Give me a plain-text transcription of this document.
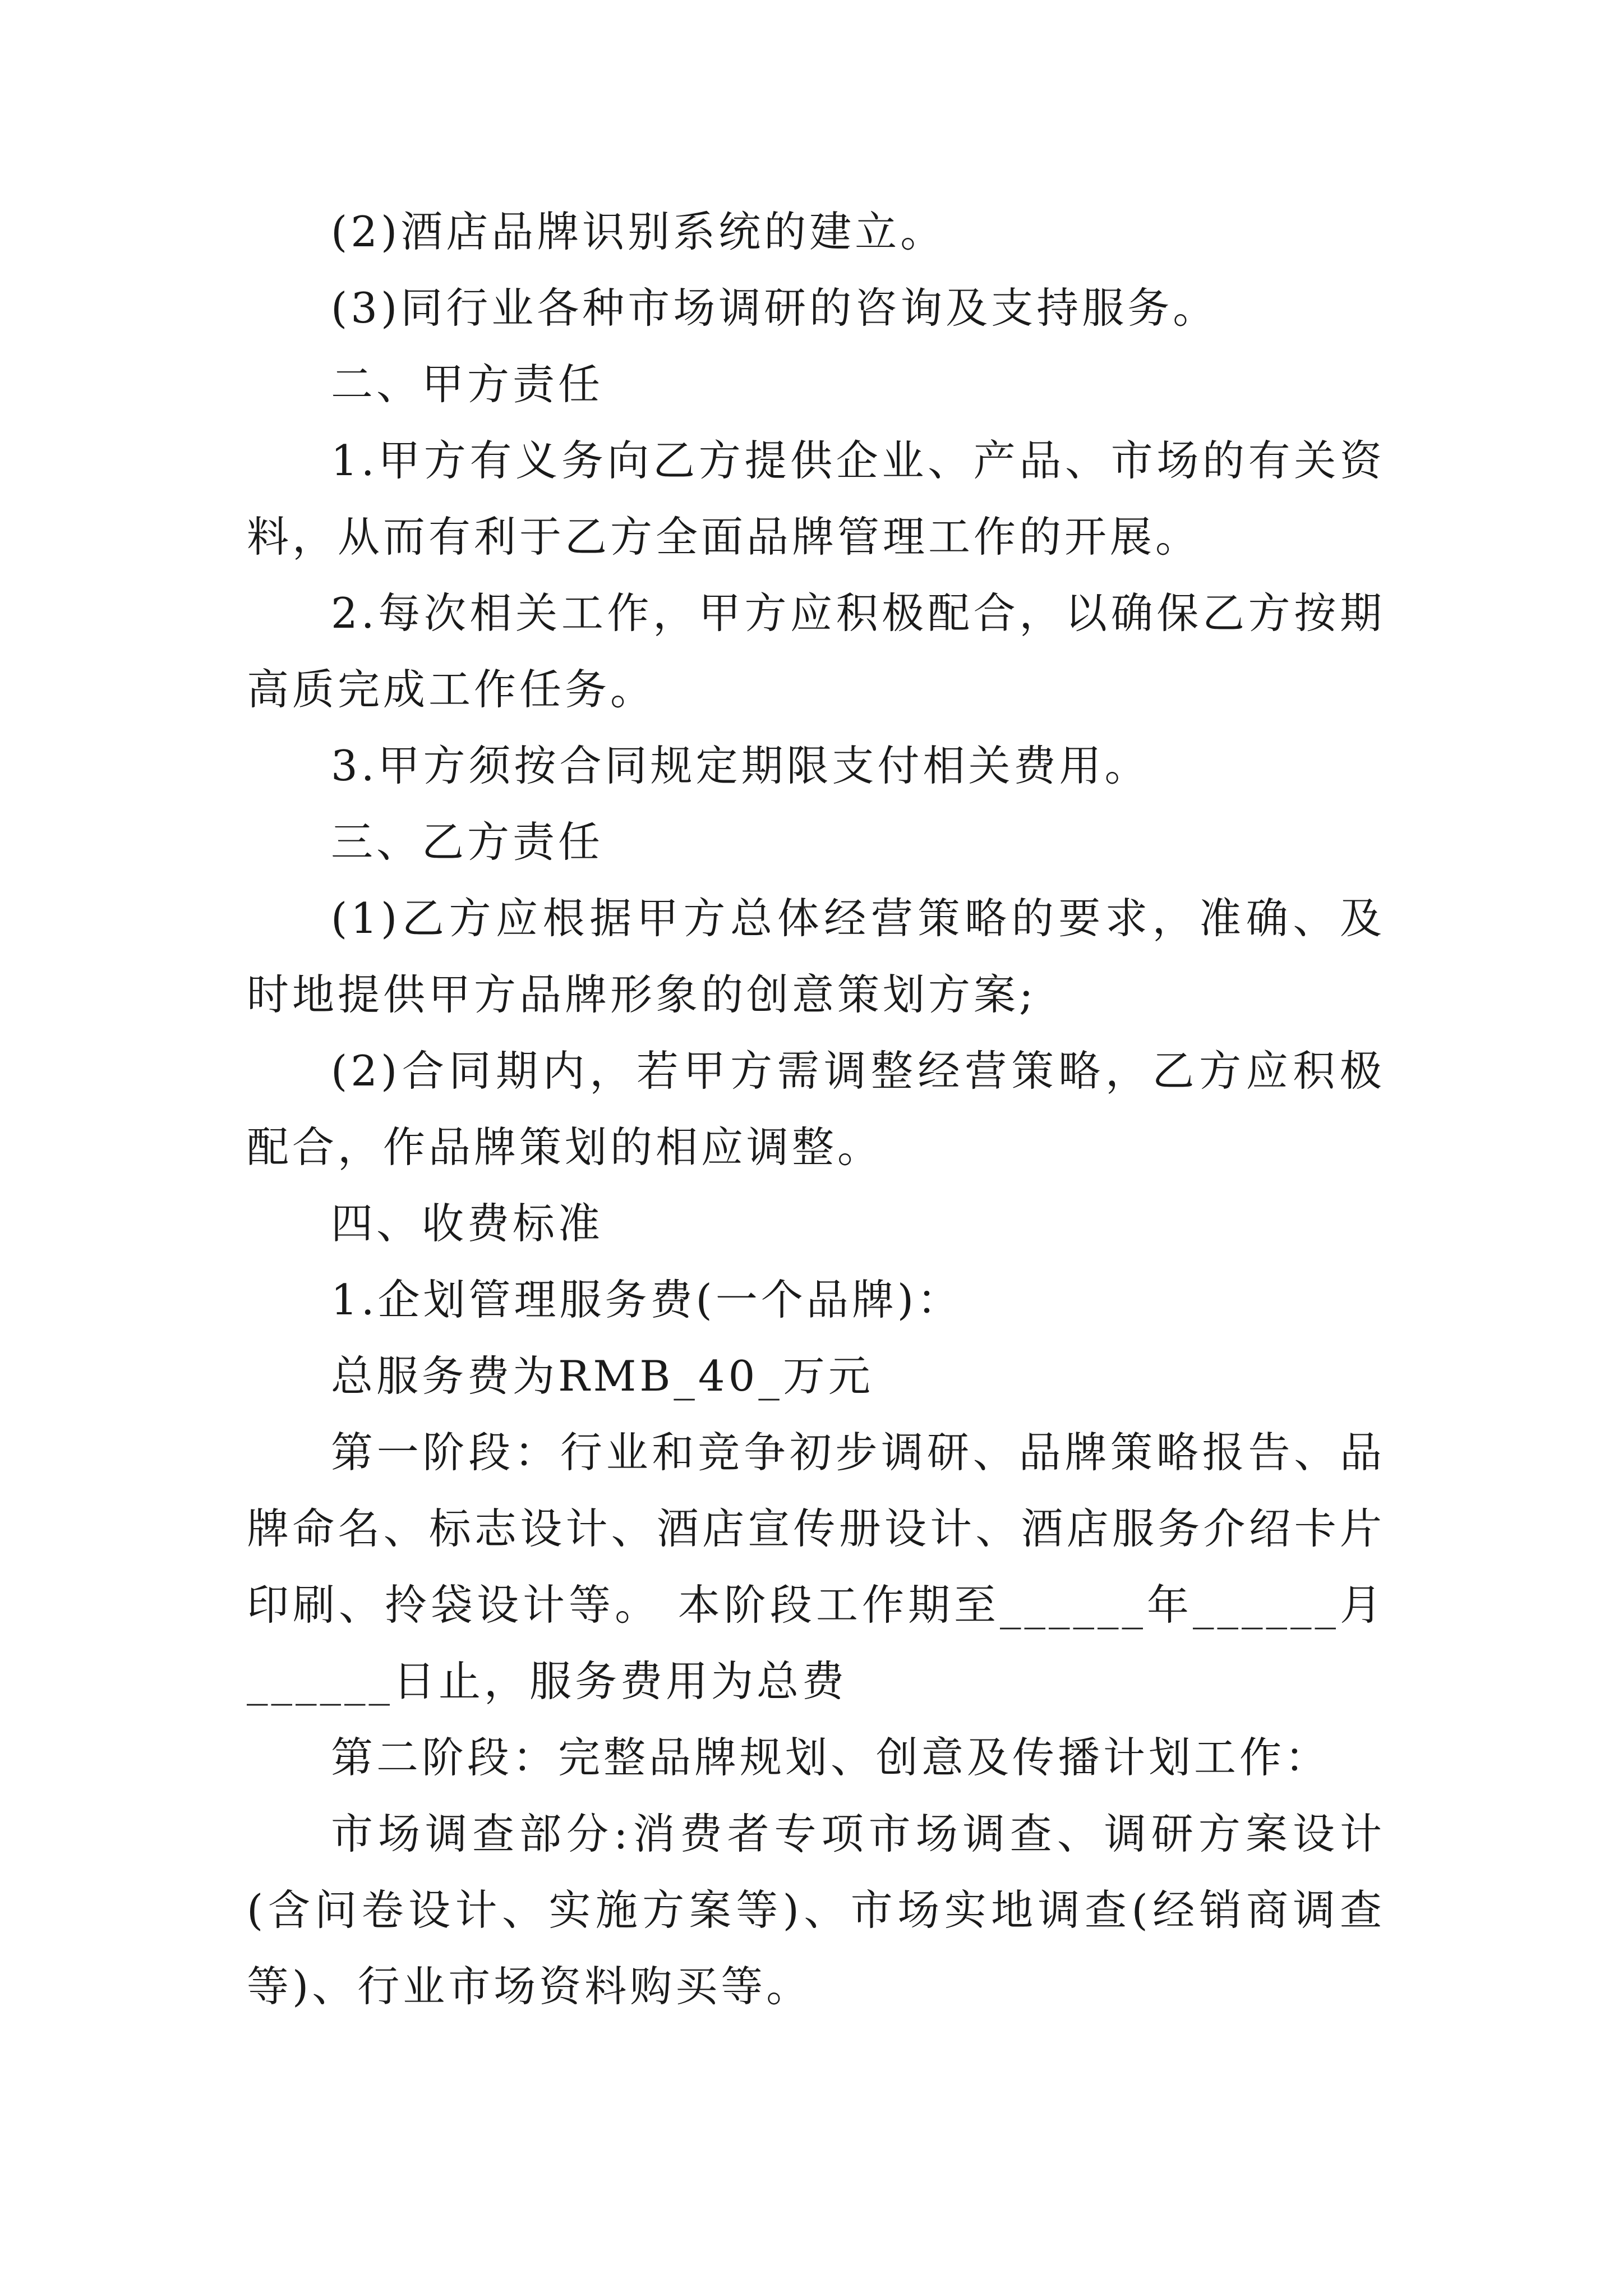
(2)酒店品牌识别系统的建立。

(3)同行业各种市场调研的咨询及支持服务。

二、甲方责任

1.甲方有义务向乙方提供企业、产品、市场的有关资料，从而有利于乙方全面品牌管理工作的开展。

2.每次相关工作，甲方应积极配合，以确保乙方按期高质完成工作任务。

3.甲方须按合同规定期限支付相关费用。

三、乙方责任

(1)乙方应根据甲方总体经营策略的要求，准确、及时地提供甲方品牌形象的创意策划方案;

(2)合同期内，若甲方需调整经营策略，乙方应积极配合，作品牌策划的相应调整。

四、收费标准

1.企划管理服务费(一个品牌)：

总服务费为RMB_40_万元

第一阶段：行业和竞争初步调研、品牌策略报告、品牌命名、标志设计、酒店宣传册设计、酒店服务介绍卡片印刷、拎袋设计等。 本阶段工作期至______年______月______日止，服务费用为总费

第二阶段：完整品牌规划、创意及传播计划工作：

市场调查部分:消费者专项市场调查、调研方案设计(含问卷设计、实施方案等)、市场实地调查(经销商调查等)、行业市场资料购买等。
